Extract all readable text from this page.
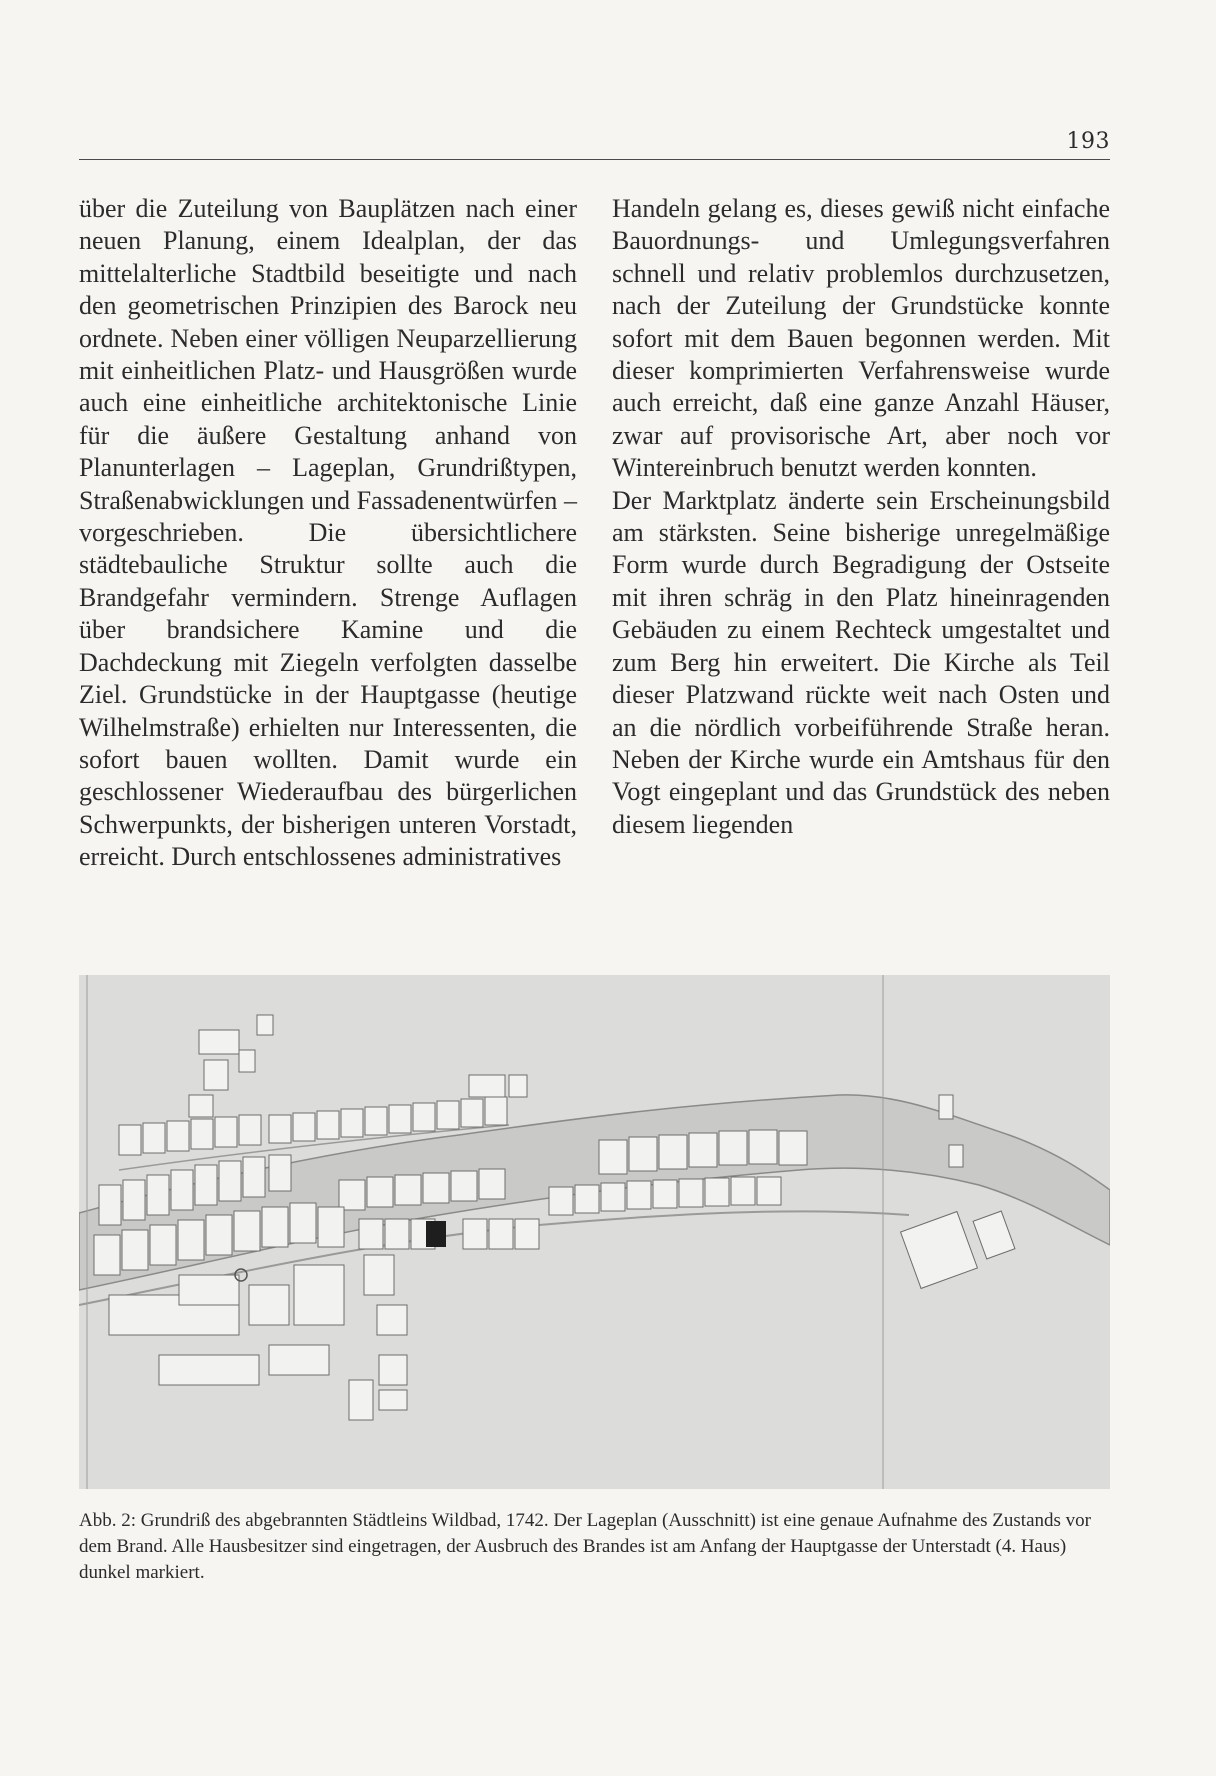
193

über die Zuteilung von Bauplätzen nach einer neuen Planung, einem Idealplan, der das mittelalterliche Stadtbild beseitigte und nach den geometrischen Prinzipien des Barock neu ordnete. Neben einer völligen Neuparzellierung mit einheitlichen Platz- und Hausgrößen wurde auch eine einheitliche architektonische Linie für die äußere Gestaltung anhand von Planunterlagen – Lageplan, Grundrißtypen, Straßenabwicklungen und Fassadenentwürfen – vorgeschrieben. Die übersichtlichere städtebauliche Struktur sollte auch die Brandgefahr vermindern. Strenge Auflagen über brandsichere Kamine und die Dachdeckung mit Ziegeln verfolgten dasselbe Ziel. Grundstücke in der Hauptgasse (heutige Wilhelmstraße) erhielten nur Interessenten, die sofort bauen wollten. Damit wurde ein geschlossener Wiederaufbau des bürgerlichen Schwerpunkts, der bisherigen unteren Vorstadt, erreicht. Durch entschlossenes administratives

Handeln gelang es, dieses gewiß nicht einfache Bauordnungs- und Umlegungsverfahren schnell und relativ problemlos durchzusetzen, nach der Zuteilung der Grundstücke konnte sofort mit dem Bauen begonnen werden. Mit dieser komprimierten Verfahrensweise wurde auch erreicht, daß eine ganze Anzahl Häuser, zwar auf provisorische Art, aber noch vor Wintereinbruch benutzt werden konnten.

Der Marktplatz änderte sein Erscheinungsbild am stärksten. Seine bisherige unregelmäßige Form wurde durch Begradigung der Ostseite mit ihren schräg in den Platz hineinragenden Gebäuden zu einem Rechteck umgestaltet und zum Berg hin erweitert. Die Kirche als Teil dieser Platzwand rückte weit nach Osten und an die nördlich vorbeiführende Straße heran. Neben der Kirche wurde ein Amtshaus für den Vogt eingeplant und das Grundstück des neben diesem liegenden

Abb. 2: Grundriß des abgebrannten Städtleins Wildbad, 1742. Der Lageplan (Ausschnitt) ist eine genaue Aufnahme des Zustands vor dem Brand. Alle Hausbesitzer sind eingetragen, der Ausbruch des Brandes ist am Anfang der Hauptgasse der Unterstadt (4. Haus) dunkel markiert.
